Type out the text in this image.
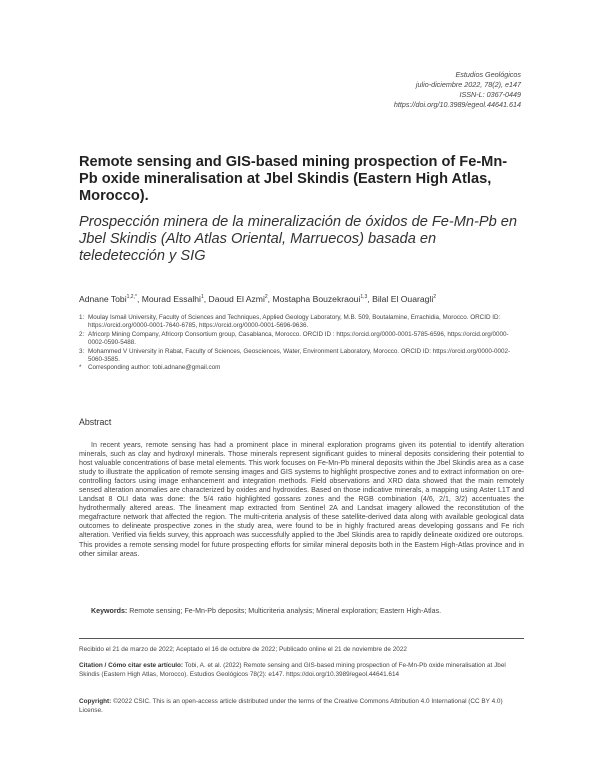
Estudios Geológicos
julio-diciembre 2022, 78(2), e147
ISSN-L: 0367-0449
https://doi.org/10.3989/egeol.44641.614
Remote sensing and GIS-based mining prospection of Fe-Mn-Pb oxide mineralisation at Jbel Skindis (Eastern High Atlas, Morocco).
Prospección minera de la mineralización de óxidos de Fe-Mn-Pb en Jbel Skindis (Alto Atlas Oriental, Marruecos) basada en teledetección y SIG
Adnane Tobi$^{1,2,*}$, Mourad Essalhi$^1$, Daoud El Azmi$^2$, Mostapha Bouzekraoui$^{1,3}$, Bilal El Ouaragli$^2$
1: Moulay Ismail University, Faculty of Sciences and Techniques, Applied Geology Laboratory, M.B. 509, Boutalamine, Errachidia, Morocco. ORCID ID: https://orcid.org/0000-0001-7640-6785, https://orcid.org/0000-0001-5696-9636.
2: Africorp Mining Company, Africorp Consortium group, Casablanca, Morocco. ORCID ID : https://orcid.org/0000-0001-5785-6596, https://orcid.org/0000-0002-0590-5488.
3: Mohammed V University in Rabat, Faculty of Sciences, Geosciences, Water, Environment Laboratory, Morocco. ORCID ID: https://orcid.org/0000-0002-5060-3585.
*	Corresponding author: tobi.adnane@gmail.com
Abstract

In recent years, remote sensing has had a prominent place in mineral exploration programs given its potential to identify alteration minerals, such as clay and hydroxyl minerals. Those minerals represent significant guides to mineral deposits considering their potential to host valuable concentrations of base metal elements. This work focuses on Fe-Mn-Pb mineral deposits within the Jbel Skindis area as a case study to illustrate the application of remote sensing images and GIS systems to highlight prospective zones and to extract information on ore-controlling factors using image enhancement and integration methods. Field observations and XRD data showed that the main remotely sensed alteration anomalies are characterized by oxides and hydroxides. Based on those indicative minerals, a mapping using Aster L1T and Landsat 8 OLI data was done: the 5/4 ratio highlighted gossans zones and the RGB combination (4/6, 2/1, 3/2) accentuates the hydrothermally altered areas. The lineament map extracted from Sentinel 2A and Landsat imagery allowed the reconstitution of the megafracture network that affected the region. The multi-criteria analysis of these satellite-derived data along with available geological data outcomes to delineate prospective zones in the study area, were found to be in highly fractured areas developing gossans and Fe rich alteration. Verified via fields survey, this approach was successfully applied to the Jbel Skindis area to rapidly delineate oxidized ore outcrops. This provides a remote sensing model for future prospecting efforts for similar mineral deposits both in the Eastern High-Atlas province and in other similar areas.

Keywords: Remote sensing; Fe-Mn-Pb deposits; Multicriteria analysis; Mineral exploration; Eastern High-Atlas.
Recibido el 21 de marzo de 2022; Aceptado el 16 de octubre de 2022; Publicado online el 21 de noviembre de 2022

Citation / Cómo citar este artículo: Tobi, A. et al. (2022) Remote sensing and GIS-based mining prospection of Fe-Mn-Pb oxide mineralisation at Jbel Skindis (Eastern High Atlas, Morocco). Estudios Geológicos 78(2): e147. https://doi.org/10.3989/egeol.44641.614

Copyright: ©2022 CSIC. This is an open-access article distributed under the terms of the Creative Commons Attribution 4.0 International (CC BY 4.0) License.
